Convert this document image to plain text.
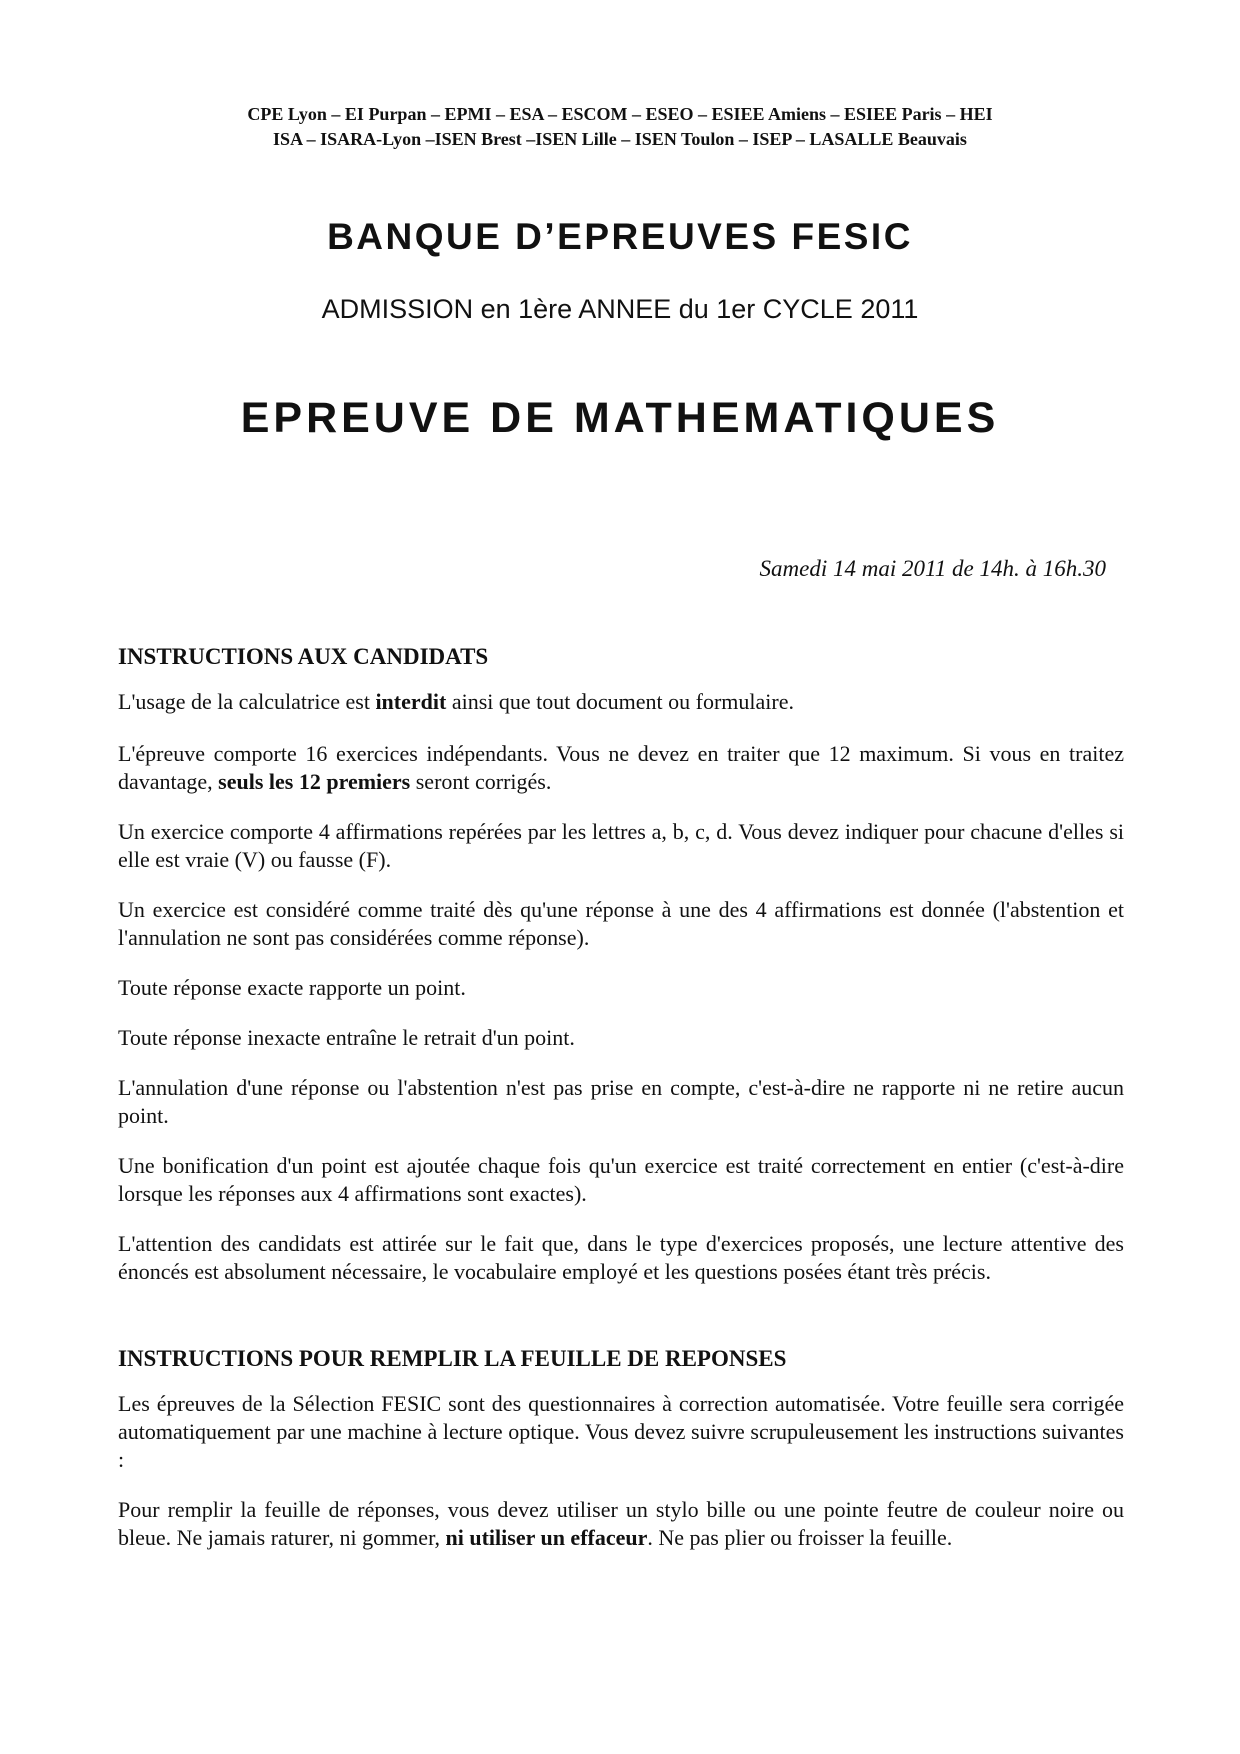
CPE Lyon – EI Purpan – EPMI – ESA – ESCOM – ESEO – ESIEE Amiens – ESIEE Paris – HEI
ISA – ISARA-Lyon –ISEN Brest –ISEN Lille – ISEN Toulon – ISEP – LASALLE Beauvais
BANQUE D’EPREUVES FESIC
ADMISSION en 1ère ANNEE du 1er CYCLE 2011
EPREUVE DE MATHEMATIQUES
Samedi 14 mai 2011 de 14h. à 16h.30
INSTRUCTIONS AUX CANDIDATS

L'usage de la calculatrice est interdit ainsi que tout document ou formulaire.

L'épreuve comporte 16 exercices indépendants. Vous ne devez en traiter que 12 maximum. Si vous en traitez davantage, seuls les 12 premiers seront corrigés.

Un exercice comporte 4 affirmations repérées par les lettres a, b, c, d. Vous devez indiquer pour chacune d'elles si elle est vraie (V) ou fausse (F).

Un exercice est considéré comme traité dès qu'une réponse à une des 4 affirmations est donnée (l'abstention et l'annulation ne sont pas considérées comme réponse).

Toute réponse exacte rapporte un point.

Toute réponse inexacte entraîne le retrait d'un point.

L'annulation d'une réponse ou l'abstention n'est pas prise en compte, c'est-à-dire ne rapporte ni ne retire aucun point.

Une bonification d'un point est ajoutée chaque fois qu'un exercice est traité correctement en entier (c'est-à-dire lorsque les réponses aux 4 affirmations sont exactes).

L'attention des candidats est attirée sur le fait que, dans le type d'exercices proposés, une lecture attentive des énoncés est absolument nécessaire, le vocabulaire employé et les questions posées étant très précis.

INSTRUCTIONS POUR REMPLIR LA FEUILLE DE REPONSES

Les épreuves de la Sélection FESIC sont des questionnaires à correction automatisée. Votre feuille sera corrigée automatiquement par une machine à lecture optique. Vous devez suivre scrupuleusement les instructions suivantes :

Pour remplir la feuille de réponses, vous devez utiliser un stylo bille ou une pointe feutre de couleur noire ou bleue. Ne jamais raturer, ni gommer, ni utiliser un effaceur. Ne pas plier ou froisser la feuille.
